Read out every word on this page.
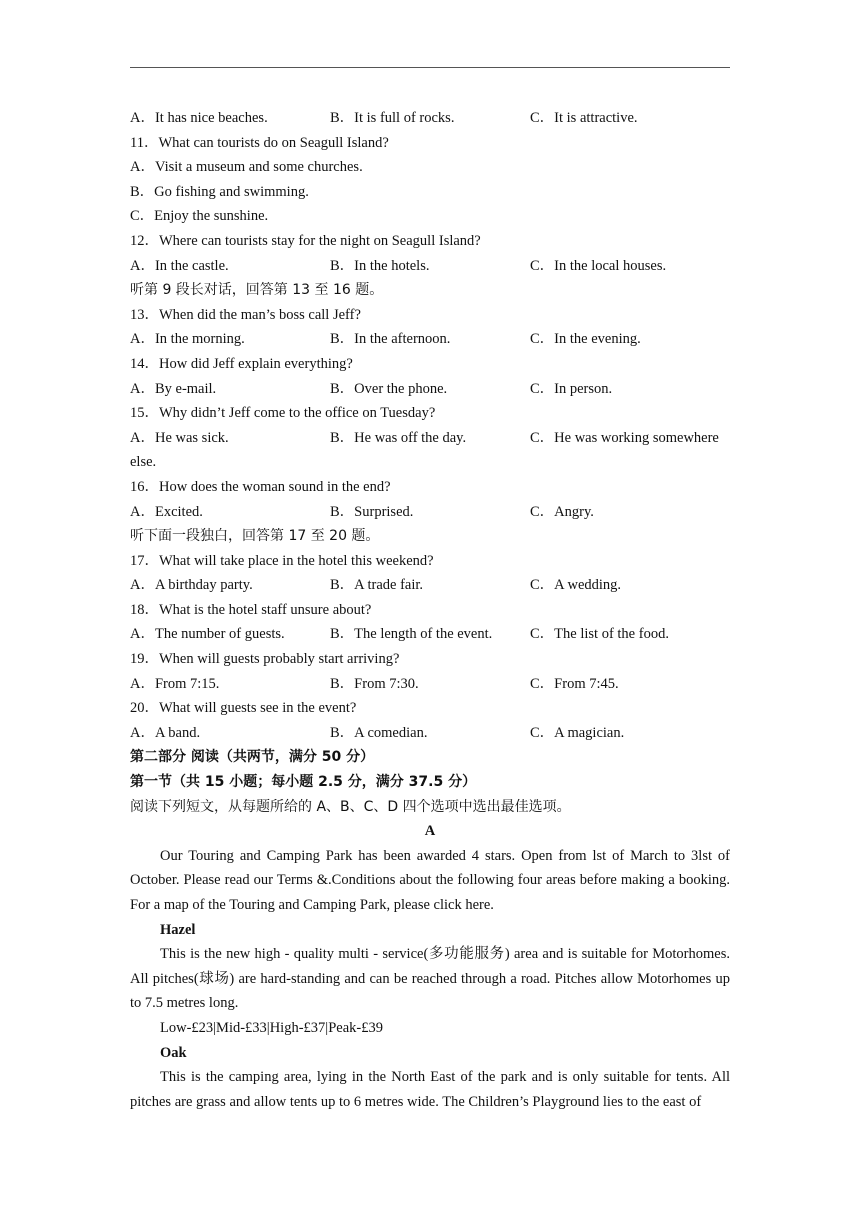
A．It has nice beaches.	B．It is full of rocks.	C．It is attractive.
11．What can tourists do on Seagull Island?
A．Visit a museum and some churches.
B．Go fishing and swimming.
C．Enjoy the sunshine.
12．Where can tourists stay for the night on Seagull Island?
A．In the castle.	B．In the hotels.	C．In the local houses.
听第 9 段长对话，回答第 13 至 16 题。
13．When did the man’s boss call Jeff?
A．In the morning.	B．In the afternoon.	C．In the evening.
14．How did Jeff explain everything?
A．By e-mail.	B．Over the phone.	C．In person.
15．Why didn’t Jeff come to the office on Tuesday?
A．He was sick.	B．He was off the day.	C．He was working somewhere
else.
16．How does the woman sound in the end?
A．Excited.	B．Surprised.	C．Angry.
听下面一段独白，回答第 17 至 20 题。
17．What will take place in the hotel this weekend?
A．A birthday party.	B．A trade fair.	C．A wedding.
18．What is the hotel staff unsure about?
A．The number of guests.	B．The length of the event.	C．The list of the food.
19．When will guests probably start arriving?
A．From 7:15.	B．From 7:30.	C．From 7:45.
20．What will guests see in the event?
A．A band.	B．A comedian.	C．A magician.
第二部分 阅读（共两节，满分 50 分）
第一节（共 15 小题；每小题 2.5 分，满分 37.5 分）
阅读下列短文，从每题所给的 A、B、C、D 四个选项中选出最佳选项。
A
Our Touring and Camping Park has been awarded 4 stars. Open from lst of March to 3lst of October. Please read our Terms &.Conditions about the following four areas before making a booking. For a map of the Touring and Camping Park, please click here.
Hazel
This is the new high - quality multi - service(多功能服务) area and is suitable for Motorhomes. All pitches(球场) are hard-standing and can be reached through a road. Pitches allow Motorhomes up to 7.5 metres long.
Low-£23|Mid-£33|High-£37|Peak-£39
Oak
This is the camping area, lying in the North East of the park and is only suitable for tents. All pitches are grass and allow tents up to 6 metres wide. The Children’s Playground lies to the east of
